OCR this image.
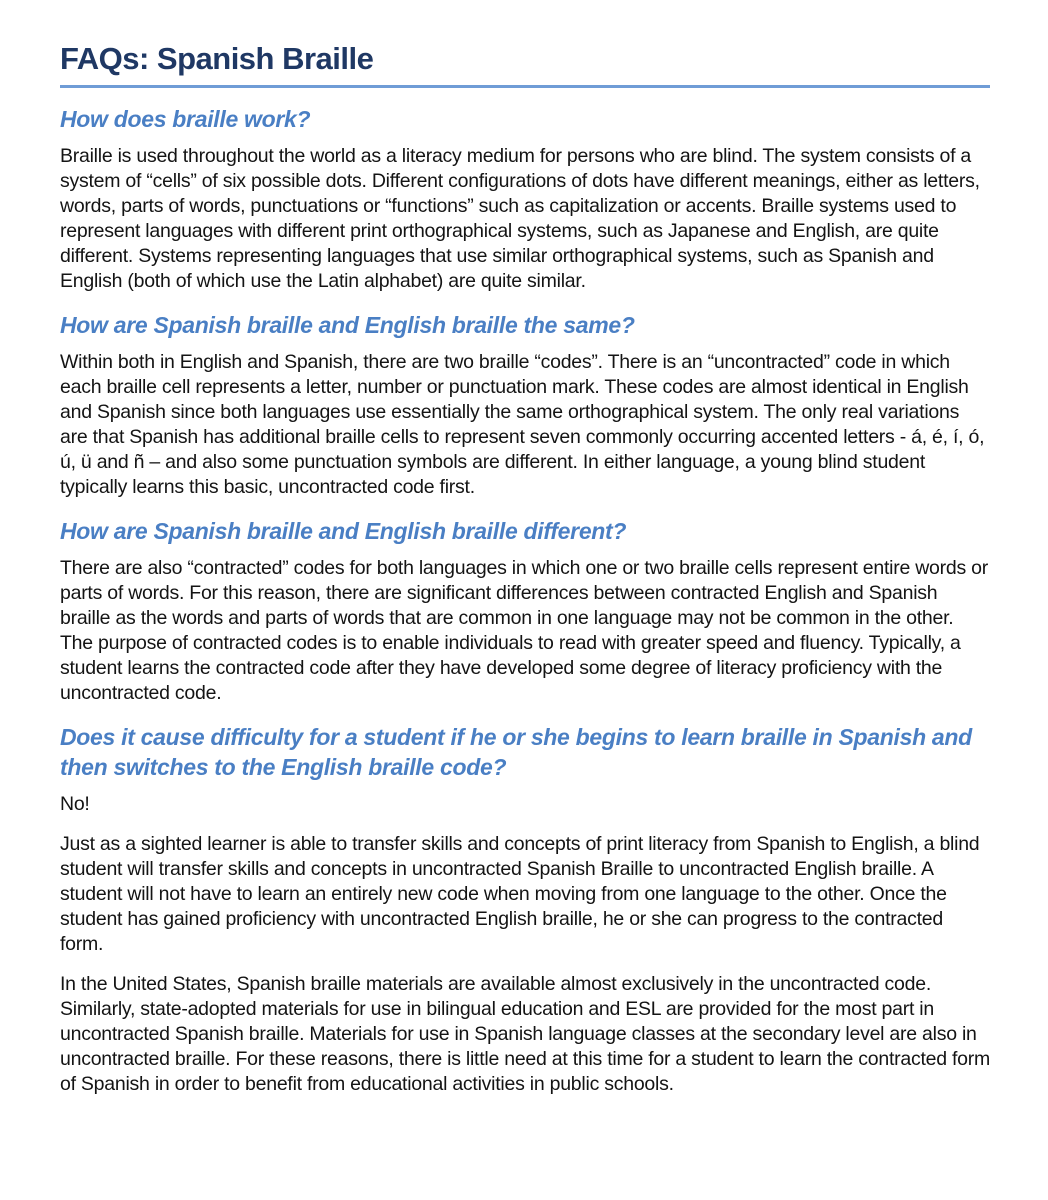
FAQs: Spanish Braille
How does braille work?

Braille is used throughout the world as a literacy medium for persons who are blind. The system consists of a system of “cells” of six possible dots. Different configurations of dots have different meanings, either as letters, words, parts of words, punctuations or “functions” such as capitalization or accents. Braille systems used to represent languages with different print orthographical systems, such as Japanese and English, are quite different. Systems representing languages that use similar orthographical systems, such as Spanish and English (both of which use the Latin alphabet) are quite similar.

How are Spanish braille and English braille the same?

Within both in English and Spanish, there are two braille “codes”. There is an “uncontracted” code in which each braille cell represents a letter, number or punctuation mark. These codes are almost identical in English and Spanish since both languages use essentially the same orthographical system. The only real variations are that Spanish has additional braille cells to represent seven commonly occurring accented letters - á, é, í, ó, ú, ü and ñ – and also some punctuation symbols are different. In either language, a young blind student typically learns this basic, uncontracted code first.

How are Spanish braille and English braille different?

There are also “contracted” codes for both languages in which one or two braille cells represent entire words or parts of words. For this reason, there are significant differences between contracted English and Spanish braille as the words and parts of words that are common in one language may not be common in the other. The purpose of contracted codes is to enable individuals to read with greater speed and fluency. Typically, a student learns the contracted code after they have developed some degree of literacy proficiency with the uncontracted code.

Does it cause difficulty for a student if he or she begins to learn braille in Spanish and then switches to the English braille code?

No!

Just as a sighted learner is able to transfer skills and concepts of print literacy from Spanish to English, a blind student will transfer skills and concepts in uncontracted Spanish Braille to uncontracted English braille. A student will not have to learn an entirely new code when moving from one language to the other. Once the student has gained proficiency with uncontracted English braille, he or she can progress to the contracted form.

In the United States, Spanish braille materials are available almost exclusively in the uncontracted code. Similarly, state-adopted materials for use in bilingual education and ESL are provided for the most part in uncontracted Spanish braille. Materials for use in Spanish language classes at the secondary level are also in uncontracted braille. For these reasons, there is little need at this time for a student to learn the contracted form of Spanish in order to benefit from educational activities in public schools.
